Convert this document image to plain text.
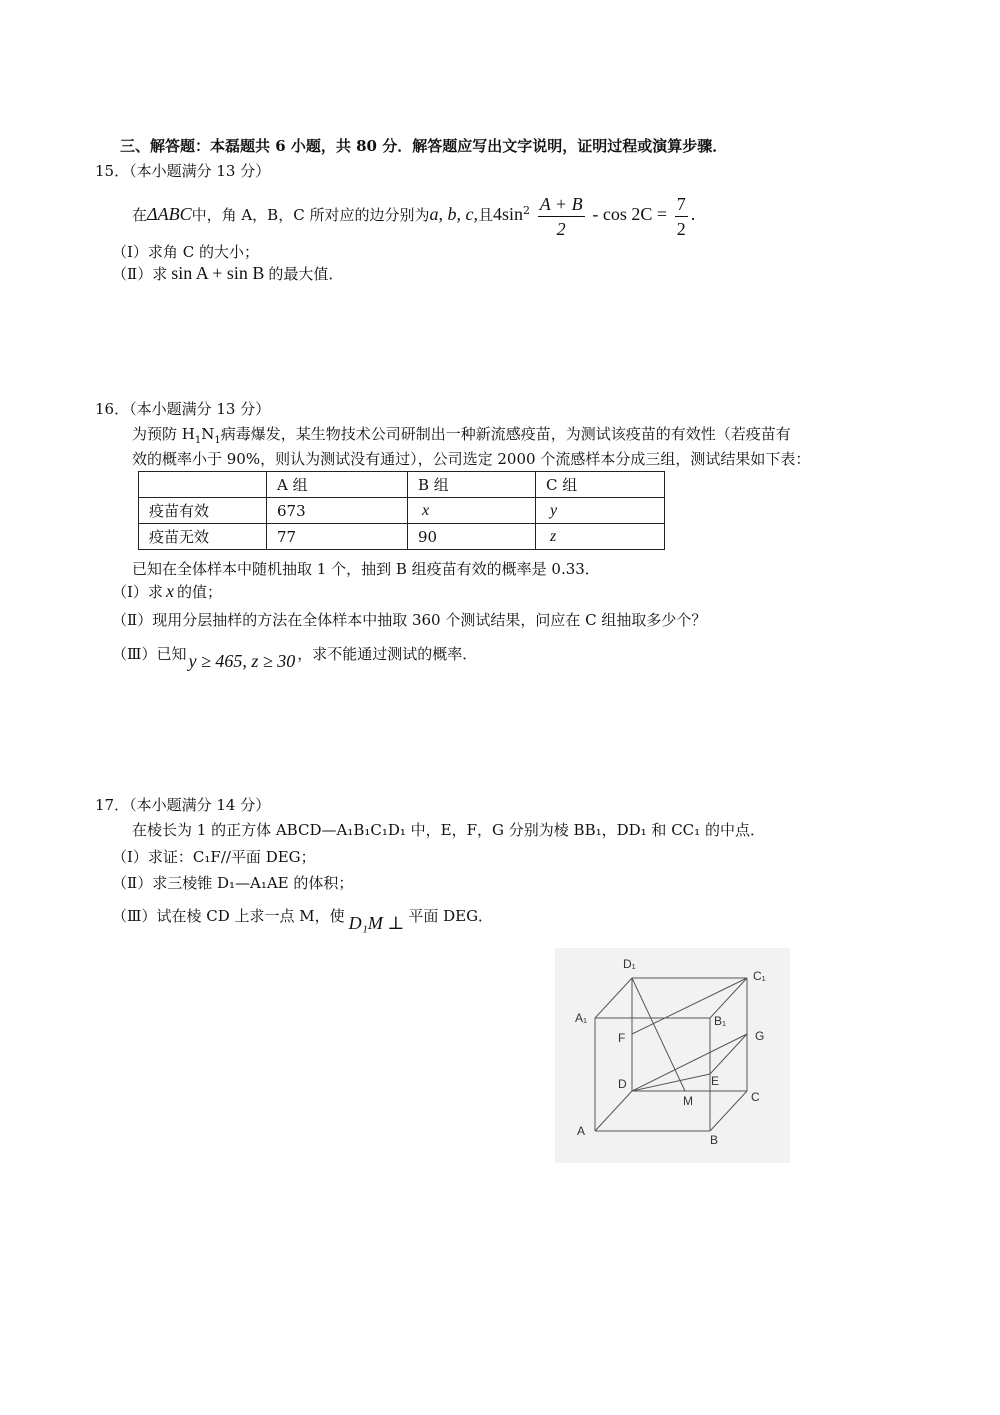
三、解答题：本磊题共 6 小题，共 80 分．解答题应写出文字说明，证明过程或演算步骤．
15．（本小题满分 13 分）
在ΔABC中，角 A，B，C 所对应的边分别为a, b, c,且$4\sin^2 \frac{A + B}{2} - \cos 2C = \frac{7}{2}$ .
（Ⅰ）求角 C 的大小；
（Ⅱ）求 sin A + sin B 的最大值．
16．（本小题满分 13 分）
为预防 $H_1N_1$病毒爆发，某生物技术公司研制出一种新流感疫苗，为测试该疫苗的有效性（若疫苗有
效的概率小于 90%，则认为测试没有通过），公司选定 2000 个流感样本分成三组，测试结果如下表：
	A 组	B 组	C 组
疫苗有效	673	x	y
疫苗无效	77	90	z
已知在全体样本中随机抽取 1 个，抽到 B 组疫苗有效的概率是 0.33．
（Ⅰ）求 x 的值；
（Ⅱ）现用分层抽样的方法在全体样本中抽取 360 个测试结果，问应在 C 组抽取多少个？
（Ⅲ）已知 y ≥ 465, z ≥ 30 ，求不能通过测试的概率．
17．（本小题满分 14 分）
在棱长为 1 的正方体 ABCD—A₁B₁C₁D₁ 中，E，F，G 分别为棱 BB₁，DD₁ 和 CC₁ 的中点．
（Ⅰ）求证：C₁F//平面 DEG；
（Ⅱ）求三棱锥 D₁—A₁AE 的体积；
（Ⅲ）试在棱 CD 上求一点 M，使 D₁M ⊥ 平面 DEG．
D₁
C₁
A₁	B₁
F	G
D	E
M	C
A
B
